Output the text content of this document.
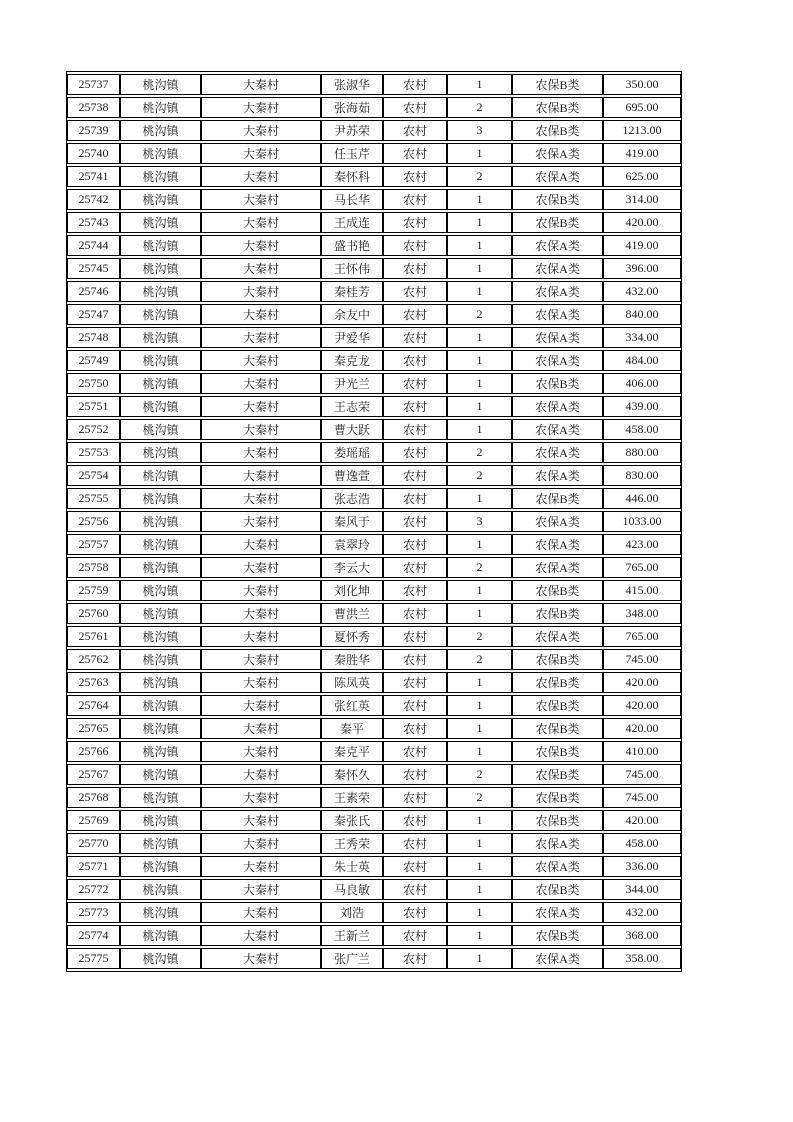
25737	桃沟镇	大秦村	张淑华	农村	1	农保B类	350.00
25738	桃沟镇	大秦村	张海茹	农村	2	农保B类	695.00
25739	桃沟镇	大秦村	尹苏荣	农村	3	农保B类	1213.00
25740	桃沟镇	大秦村	任玉芹	农村	1	农保A类	419.00
25741	桃沟镇	大秦村	秦怀科	农村	2	农保A类	625.00
25742	桃沟镇	大秦村	马长华	农村	1	农保B类	314.00
25743	桃沟镇	大秦村	王成连	农村	1	农保B类	420.00
25744	桃沟镇	大秦村	盛书艳	农村	1	农保A类	419.00
25745	桃沟镇	大秦村	王怀伟	农村	1	农保A类	396.00
25746	桃沟镇	大秦村	秦桂芳	农村	1	农保A类	432.00
25747	桃沟镇	大秦村	余友中	农村	2	农保A类	840.00
25748	桃沟镇	大秦村	尹爱华	农村	1	农保A类	334.00
25749	桃沟镇	大秦村	秦克龙	农村	1	农保A类	484.00
25750	桃沟镇	大秦村	尹光兰	农村	1	农保B类	406.00
25751	桃沟镇	大秦村	王志荣	农村	1	农保A类	439.00
25752	桃沟镇	大秦村	曹大跃	农村	1	农保A类	458.00
25753	桃沟镇	大秦村	娄瑶瑶	农村	2	农保A类	880.00
25754	桃沟镇	大秦村	曹逸萱	农村	2	农保A类	830.00
25755	桃沟镇	大秦村	张志浩	农村	1	农保B类	446.00
25756	桃沟镇	大秦村	秦风于	农村	3	农保A类	1033.00
25757	桃沟镇	大秦村	袁翠玲	农村	1	农保A类	423.00
25758	桃沟镇	大秦村	李云大	农村	2	农保A类	765.00
25759	桃沟镇	大秦村	刘化坤	农村	1	农保B类	415.00
25760	桃沟镇	大秦村	曹洪兰	农村	1	农保B类	348.00
25761	桃沟镇	大秦村	夏怀秀	农村	2	农保A类	765.00
25762	桃沟镇	大秦村	秦胜华	农村	2	农保B类	745.00
25763	桃沟镇	大秦村	陈凤英	农村	1	农保B类	420.00
25764	桃沟镇	大秦村	张红英	农村	1	农保B类	420.00
25765	桃沟镇	大秦村	秦平	农村	1	农保B类	420.00
25766	桃沟镇	大秦村	秦克平	农村	1	农保B类	410.00
25767	桃沟镇	大秦村	秦怀久	农村	2	农保B类	745.00
25768	桃沟镇	大秦村	王素荣	农村	2	农保B类	745.00
25769	桃沟镇	大秦村	秦张氏	农村	1	农保B类	420.00
25770	桃沟镇	大秦村	王秀荣	农村	1	农保A类	458.00
25771	桃沟镇	大秦村	朱士英	农村	1	农保A类	336.00
25772	桃沟镇	大秦村	马良敏	农村	1	农保B类	344.00
25773	桃沟镇	大秦村	刘浩	农村	1	农保A类	432.00
25774	桃沟镇	大秦村	王新兰	农村	1	农保B类	368.00
25775	桃沟镇	大秦村	张广兰	农村	1	农保A类	358.00
